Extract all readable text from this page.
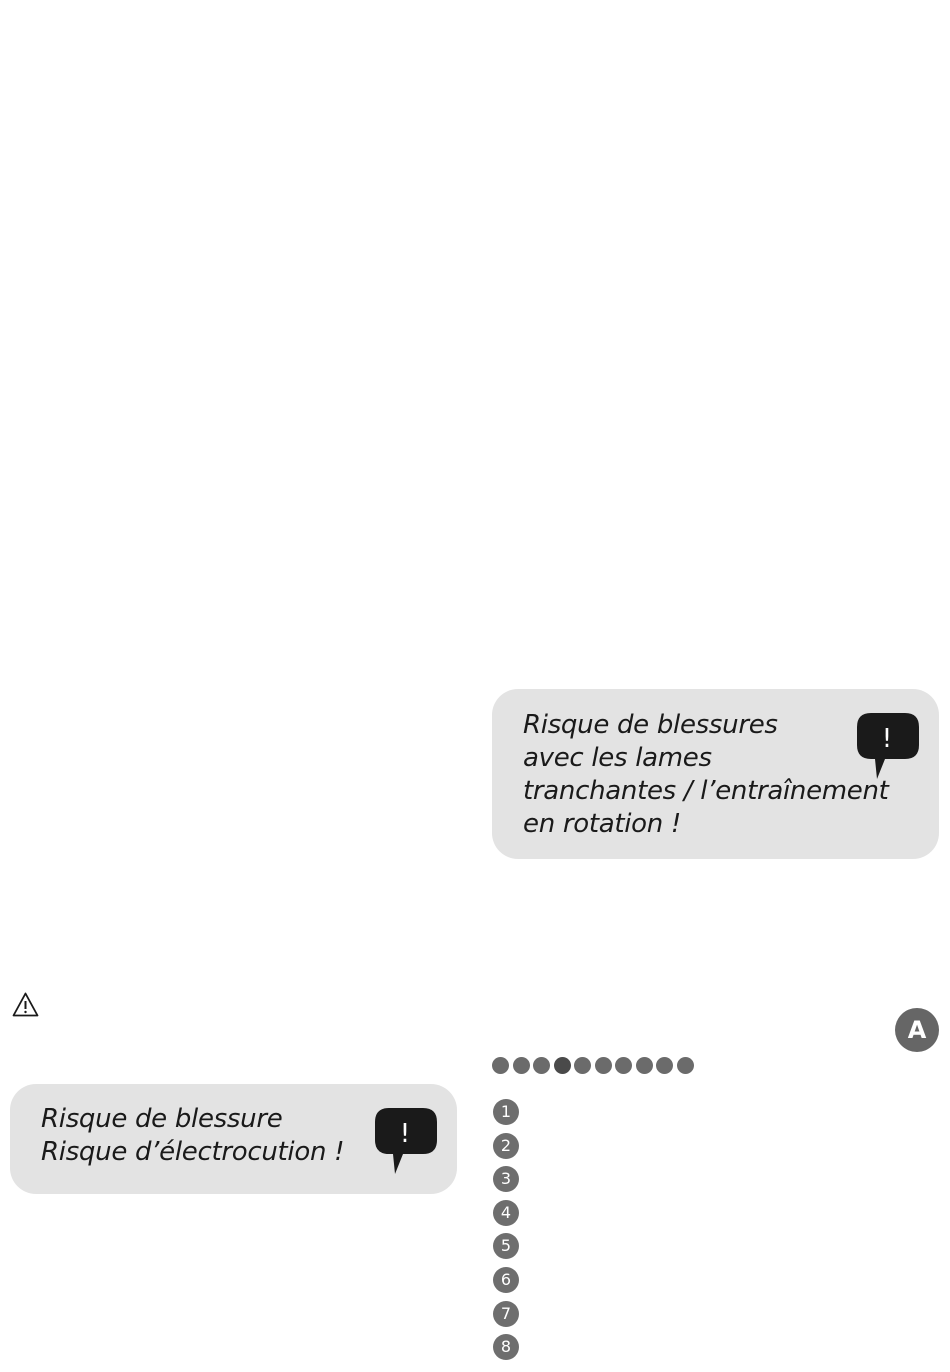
Risque de blessures

avec les lames

tranchantes / l’entraînement

en rotation !

!
A

Risque de blessure

Risque d’électrocution !

!
1
2
3
4
5
6
7
8
